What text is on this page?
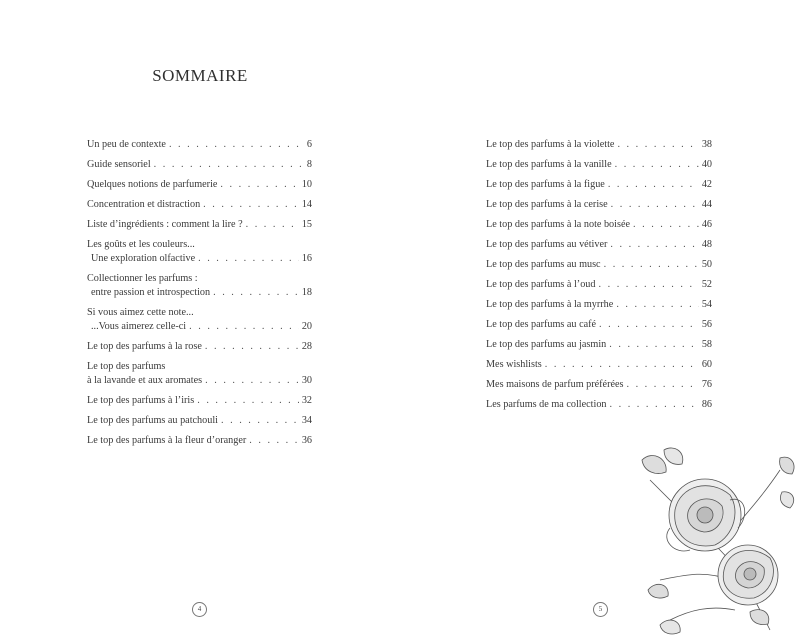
SOMMAIRE
Un peu de contexte . . .	6
Guide sensoriel . . .	8
Quelques notions de parfumerie . . .	10
Concentration et distraction . . .	14
Liste d’ingrédients : comment la lire ? . . .	15
Les goûts et les couleurs...
Une exploration olfactive . . .	16
Collectionner les parfums :
entre passion et introspection . . .	18
Si vous aimez cette note...
...Vous aimerez celle-ci . . .	20
Le top des parfums à la rose . . .	28
Le top des parfums
à la lavande et aux aromates . . .	30
Le top des parfums à l’iris . . .	32
Le top des parfums au patchouli . . .	34
Le top des parfums à la fleur d’oranger . . .	36
4
Le top des parfums à la violette . . .	38
Le top des parfums à la vanille . . .	40
Le top des parfums à la figue . . .	42
Le top des parfums à la cerise . . .	44
Le top des parfums à la note boisée . . .	46
Le top des parfums au vétiver . . .	48
Le top des parfums au musc . . .	50
Le top des parfums à l’oud . . .	52
Le top des parfums à la myrrhe . . .	54
Le top des parfums au café . . .	56
Le top des parfums au jasmin . . .	58
Mes wishlists . . .	60
Mes maisons de parfum préférées . . .	76
Les parfums de ma collection . . .	86
5
